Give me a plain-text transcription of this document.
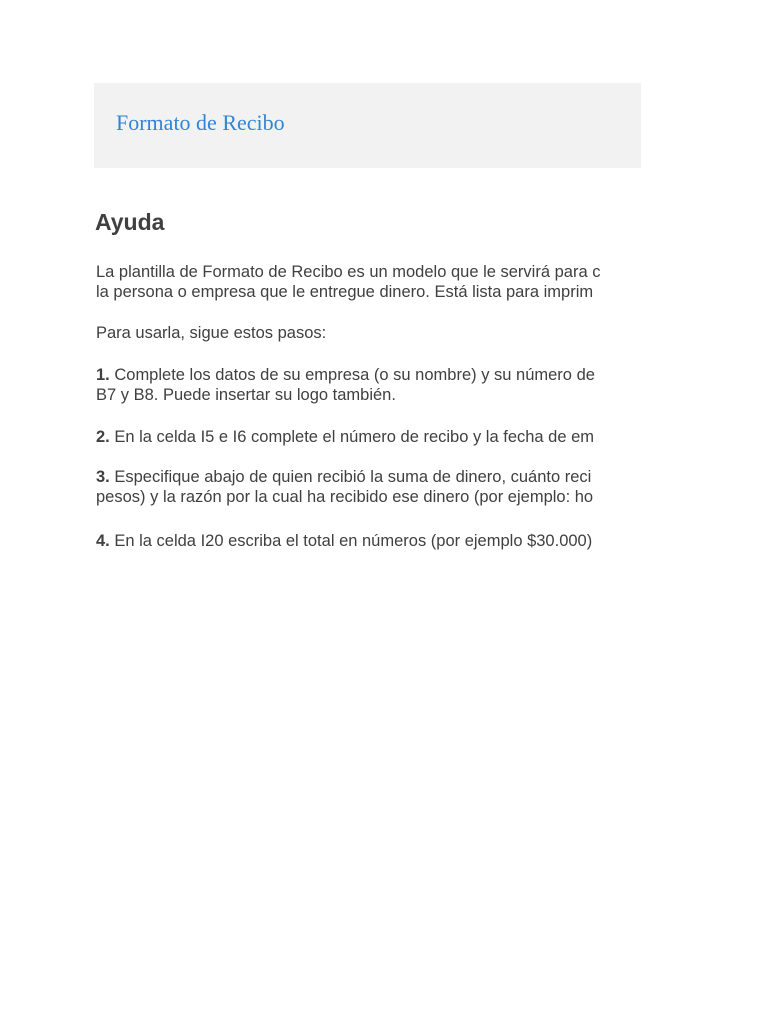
Formato de Recibo
Ayuda
La plantilla de Formato de Recibo es un modelo que le servirá para c
la persona o empresa que le entregue dinero. Está lista para imprim
Para usarla, sigue estos pasos:
1. Complete los datos de su empresa (o su nombre) y su número de
B7 y B8. Puede insertar su logo también.
2. En la celda I5 e I6 complete el número de recibo y la fecha de em
3. Especifique abajo de quien recibió la suma de dinero, cuánto reci
pesos) y la razón por la cual ha recibido ese dinero (por ejemplo: ho
4. En la celda I20 escriba el total en números (por ejemplo $30.000)
